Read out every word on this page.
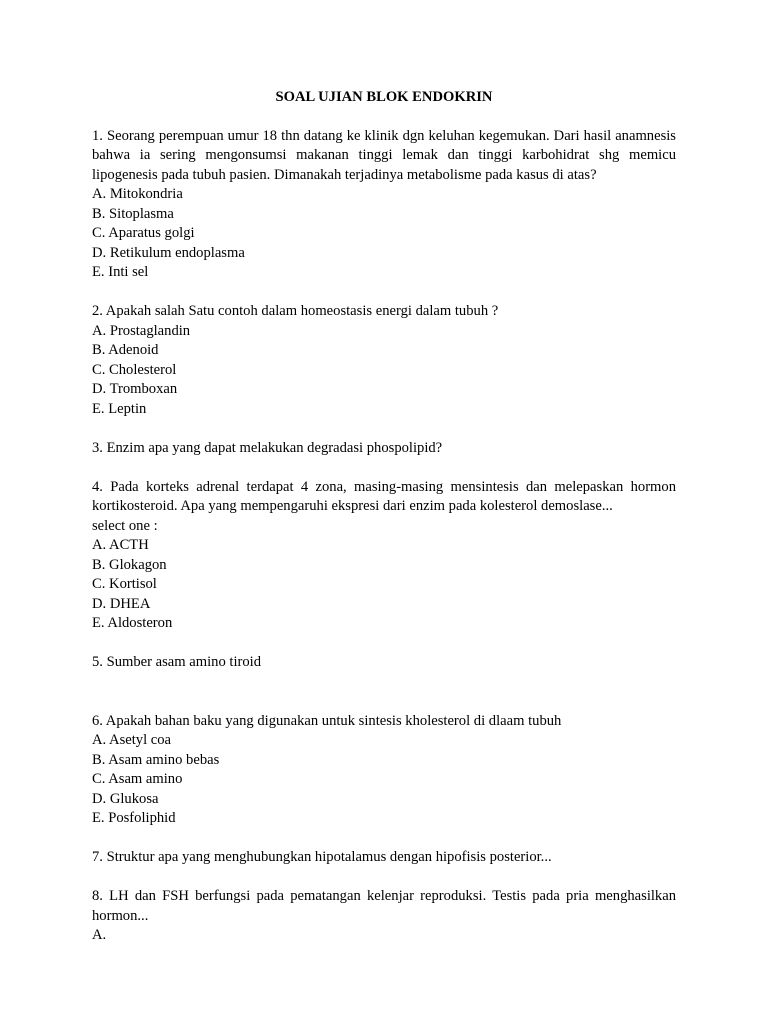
SOAL UJIAN BLOK ENDOKRIN

1. Seorang perempuan umur 18 thn datang ke klinik dgn keluhan kegemukan. Dari hasil anamnesis bahwa ia sering mengonsumsi makanan tinggi lemak dan tinggi karbohidrat shg memicu lipogenesis pada tubuh pasien. Dimanakah terjadinya metabolisme pada kasus di atas?

A. Mitokondria
B. Sitoplasma
C. Aparatus golgi
D. Retikulum endoplasma
E. Inti sel

2. Apakah salah Satu contoh dalam homeostasis energi dalam tubuh ?

A. Prostaglandin
B. Adenoid
C. Cholesterol
D. Tromboxan
E. Leptin

3. Enzim apa yang dapat melakukan degradasi phospolipid?

4. Pada korteks adrenal terdapat 4 zona, masing-masing mensintesis dan melepaskan hormon kortikosteroid. Apa yang mempengaruhi ekspresi dari enzim pada kolesterol demoslase...

select one :

A. ACTH
B. Glokagon
C. Kortisol
D. DHEA
E. Aldosteron

5. Sumber asam amino tiroid

6. Apakah bahan baku yang digunakan untuk sintesis kholesterol di dlaam tubuh

A. Asetyl coa
B. Asam amino bebas
C. Asam amino
D. Glukosa
E. Posfoliphid

7. Struktur apa yang menghubungkan hipotalamus dengan hipofisis posterior...

8. LH dan FSH berfungsi pada pematangan kelenjar reproduksi. Testis pada pria menghasilkan hormon...

A.
